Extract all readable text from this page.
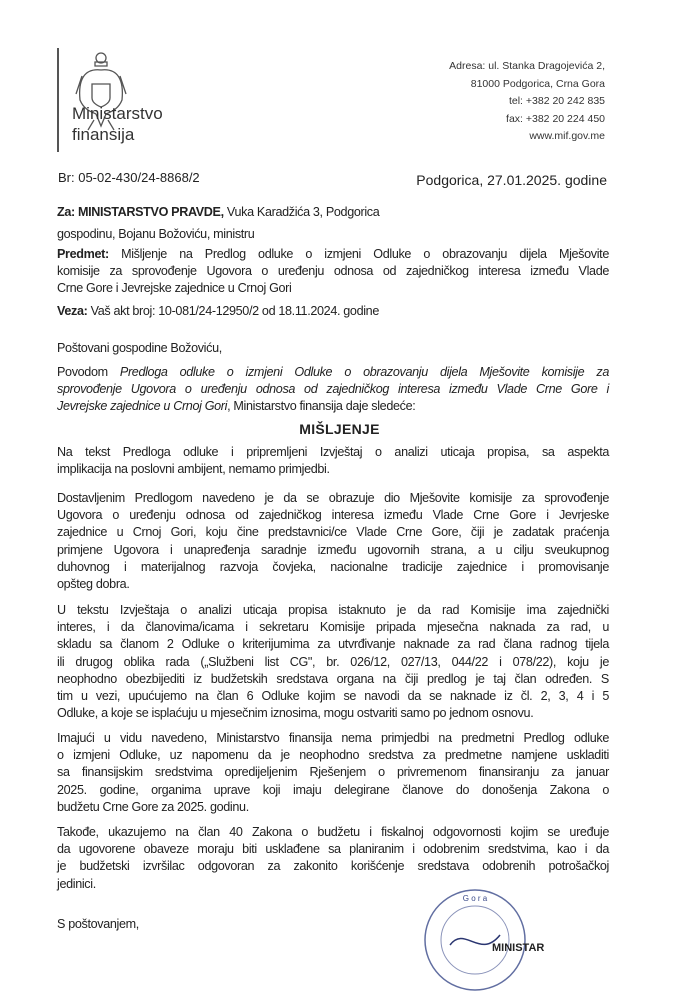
Ministarstvo
finansija
Adresa: ul. Stanka Dragojevića 2,
81000 Podgorica, Crna Gora
tel: +382 20 242 835
fax: +382 20 224 450
www.mif.gov.me
Br: 05-02-430/24-8868/2	Podgorica, 27.01.2025. godine
Za: MINISTARSTVO PRAVDE, Vuka Karadžića 3, Podgorica
gospodinu, Bojanu Božoviću, ministru
Predmet: Mišljenje na Predlog odluke o izmjeni Odluke o obrazovanju dijela Mješovite
komisije za sprovođenje Ugovora o uređenju odnosa od zajedničkog interesa između Vlade
Crne Gore i Jevrejske zajednice u Crnoj Gori
Veza: Vaš akt broj: 10-081/24-12950/2 od 18.11.2024. godine
Poštovani gospodine Božoviću,
Povodom Predloga odluke o izmjeni Odluke o obrazovanju dijela Mješovite komisije za
sprovođenje Ugovora o uređenju odnosa od zajedničkog interesa između Vlade Crne Gore i
Jevrejske zajednice u Crnoj Gori, Ministarstvo finansija daje sledeće:
MIŠLJENJE
Na tekst Predloga odluke i pripremljeni Izvještaj o analizi uticaja propisa, sa aspekta
implikacija na poslovni ambijent, nemamo primjedbi.
Dostavljenim Predlogom navedeno je da se obrazuje dio Mješovite komisije za sprovođenje
Ugovora o uređenju odnosa od zajedničkog interesa između Vlade Crne Gore i Jevrjeske
zajednice u Crnoj Gori, koju čine predstavnici/ce Vlade Crne Gore, čiji je zadatak praćenja
primjene Ugovora i unapređenja saradnje između ugovornih strana, a u cilju sveukupnog
duhovnog i materijalnog razvoja čovjeka, nacionalne tradicije zajednice i promovisanje
opšteg dobra.
U tekstu Izvještaja o analizi uticaja propisa istaknuto je da rad Komisije ima zajednički
interes, i da članovima/icama i sekretaru Komisije pripada mjesečna naknada za rad, u
skladu sa članom 2 Odluke o kriterijumima za utvrđivanje naknade za rad člana radnog tijela
ili drugog oblika rada („Službeni list CG", br. 026/12, 027/13, 044/22 i 078/22), koju je
neophodno obezbijediti iz budžetskih sredstava organa na čiji predlog je taj član određen. S
tim u vezi, upućujemo na član 6 Odluke kojim se navodi da se naknade iz čl. 2, 3, 4 i 5
Odluke, a koje se isplaćuju u mjesečnim iznosima, mogu ostvariti samo po jednom osnovu.
Imajući u vidu navedeno, Ministarstvo finansija nema primjedbi na predmetni Predlog odluke
o izmjeni Odluke, uz napomenu da je neophodno sredstva za predmetne namjene uskladiti
sa finansijskim sredstvima opredijeljenim Rješenjem o privremenom finansiranju za januar
2025. godine, organima uprave koji imaju delegirane članove do donošenja Zakona o
budžetu Crne Gore za 2025. godinu.
Takođe, ukazujemo na član 40 Zakona o budžetu i fiskalnoj odgovornosti kojim se uređuje
da ugovorene obaveze moraju biti usklađene sa planiranim i odobrenim sredstvima, kao i da
je budžetski izvršilac odgovoran za zakonito korišćenje sredstava odobrenih potrošačkoj
jedinici.
S poštovanjem,
G o r a
MINISTAR
